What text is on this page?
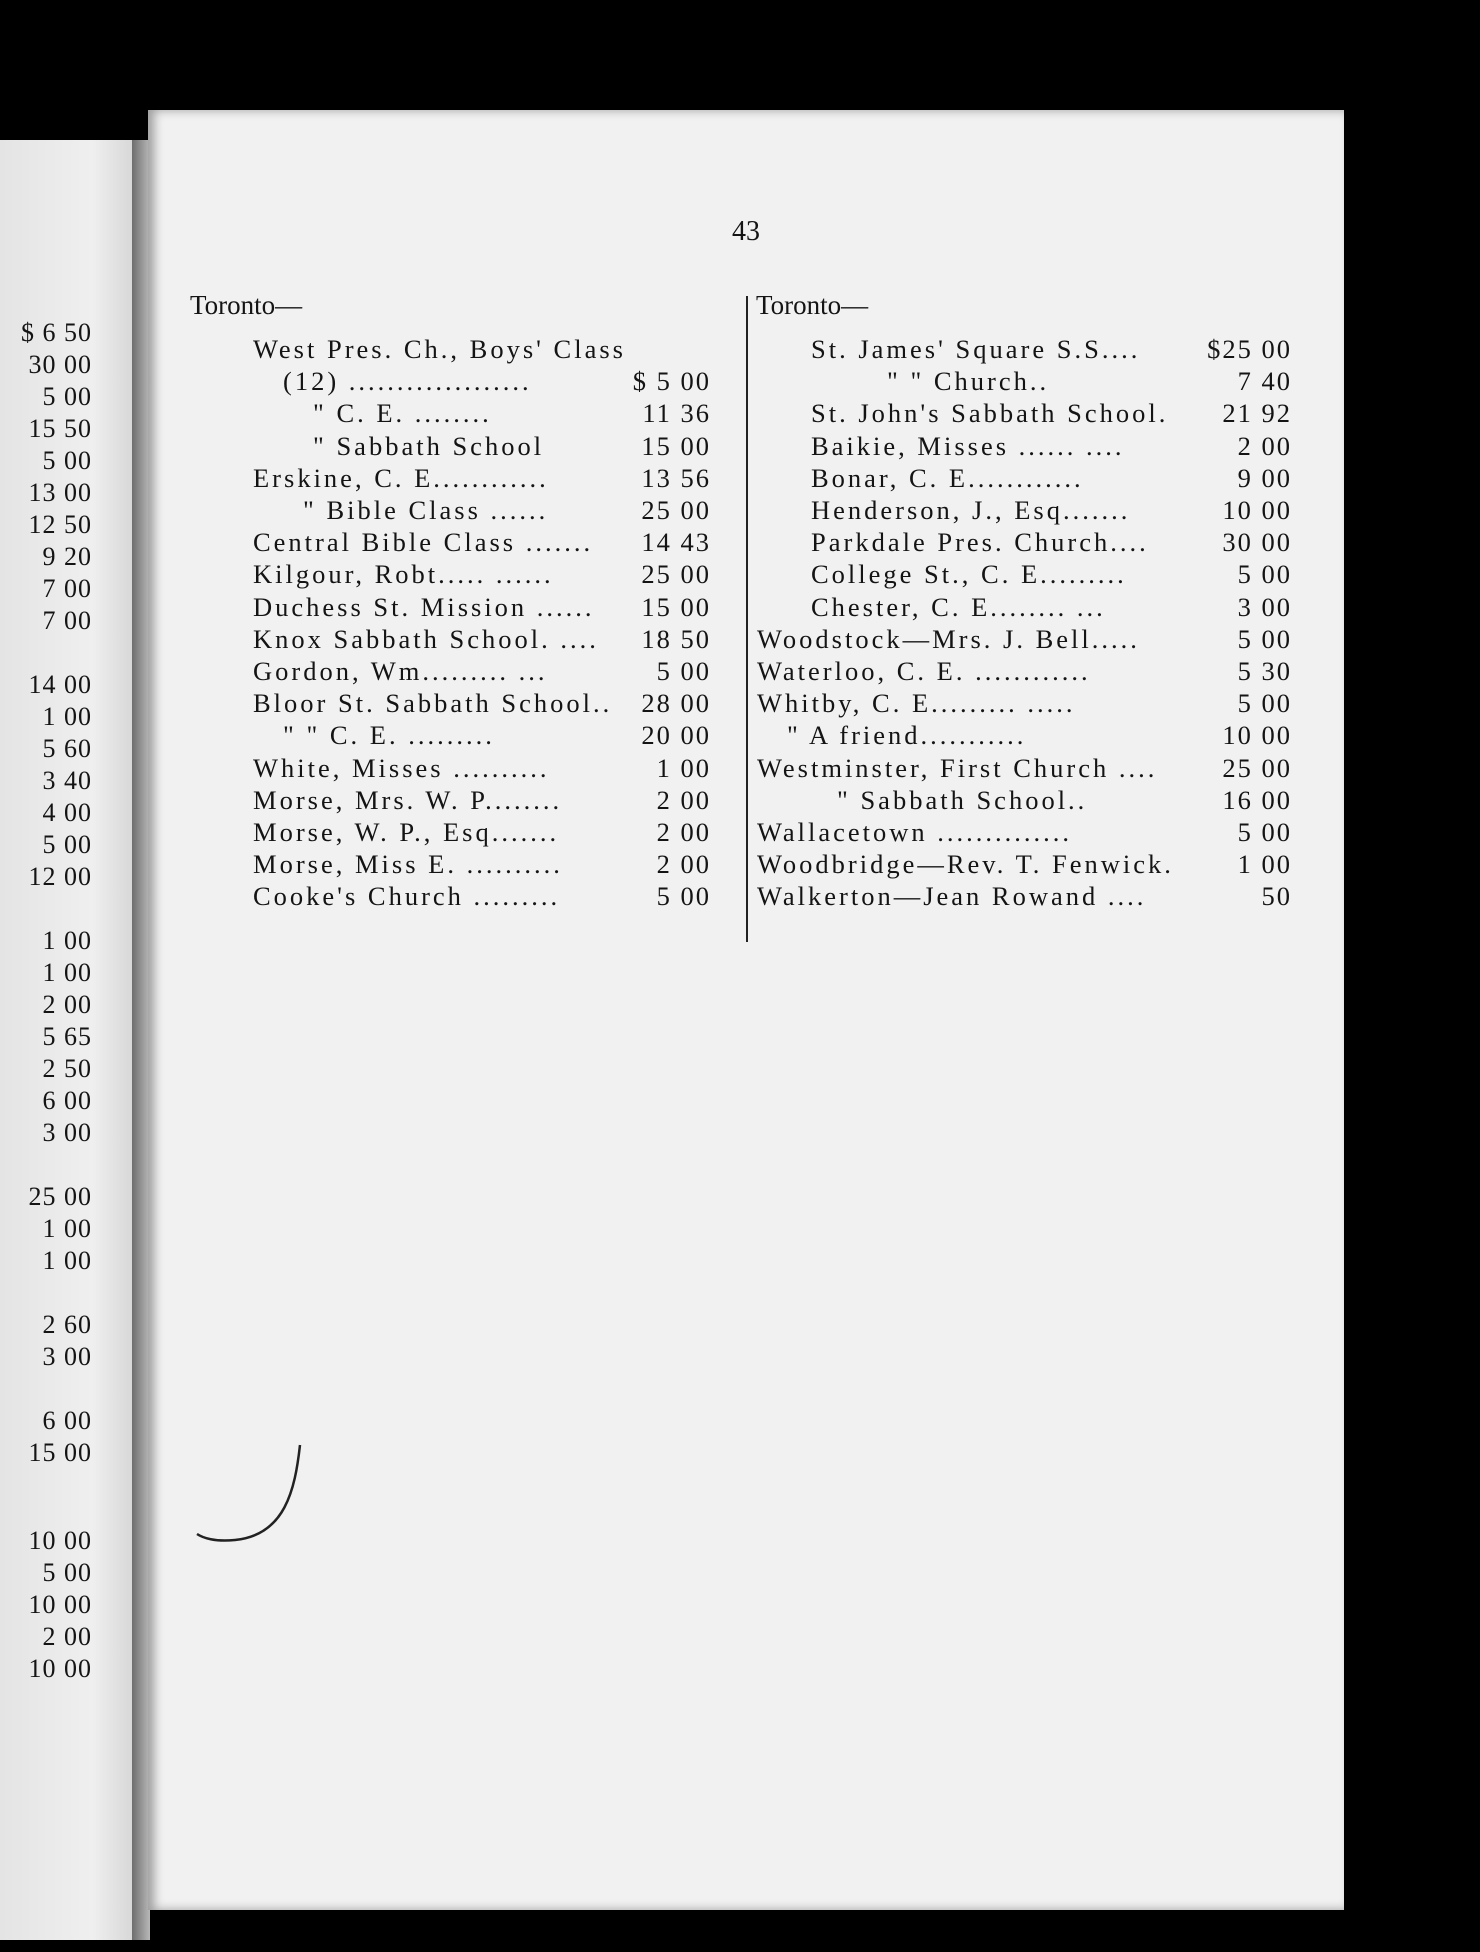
$ 6 50
30 00
5 00
15 50
5 00
13 00
12 50
9 20
7 00
7 00
14 00
1 00
5 60
3 40
4 00
5 00
12 00
1 00
1 00
2 00
5 65
2 50
6 00
3 00
25 00
1 00
1 00
2 60
3 00
6 00
15 00
10 00
5 00
10 00
2 00
10 00
43
Toronto—	Toronto—
West Pres. Ch., Boys' Class
(12) ...................	$ 5 00
" C. E. ........	11 36
" Sabbath School	15 00
Erskine, C. E............	13 56
" Bible Class ......	25 00
Central Bible Class ....... 14 43
Kilgour, Robt..... ......	25 00
Duchess St. Mission ...... 15 00
Knox Sabbath School. .... 18 50
Gordon, Wm......... ...	5 00
Bloor St. Sabbath School.. 28 00
" " C. E. .........	20 00
White, Misses ..........	1 00
Morse, Mrs. W. P........	2 00
Morse, W. P., Esq.......	2 00
Morse, Miss E. ..........	2 00
Cooke's Church .........	5 00
St. James' Square S.S....	$25 00
" " Church..	7 40
St. John's Sabbath School. 21 92
Baikie, Misses ...... ....	2 00
Bonar, C. E............	9 00
Henderson, J., Esq.......	10 00
Parkdale Pres. Church....	30 00
College St., C. E.........	5 00
Chester, C. E........ ...	3 00
Woodstock—Mrs. J. Bell.....	5 00
Waterloo, C. E. ............	5 30
Whitby, C. E......... .....	5 00
" A friend...........	10 00
Westminster, First Church .... 25 00
" Sabbath School..	16 00
Wallacetown ..............	5 00
Woodbridge—Rev. T. Fenwick. 1 00
Walkerton—Jean Rowand ....	50
